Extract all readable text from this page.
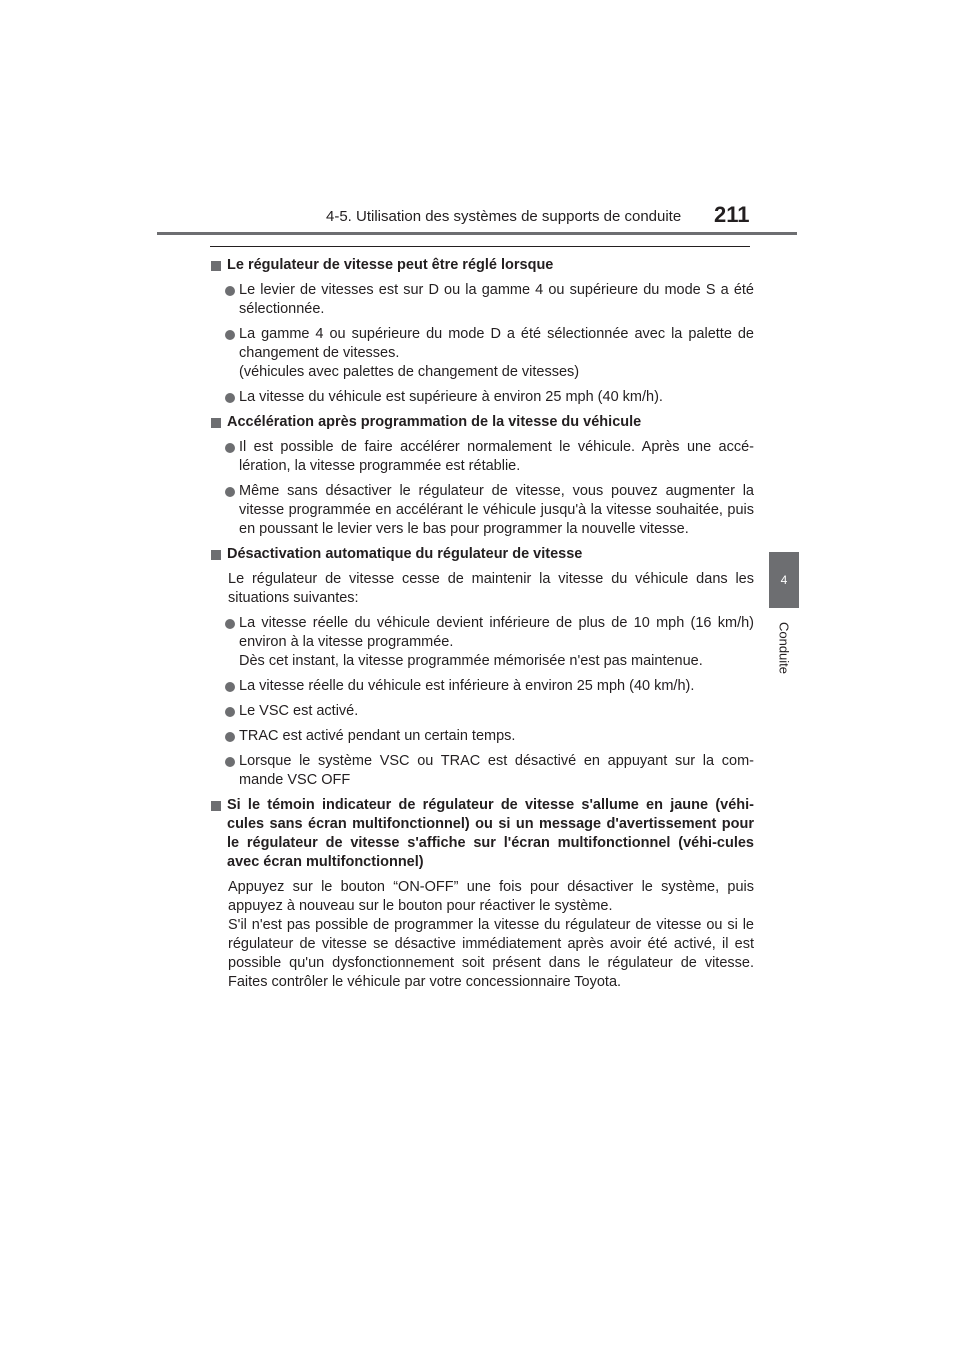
4-5. Utilisation des systèmes de supports de conduite 211
4
Conduite
Le régulateur de vitesse peut être réglé lorsque
Le levier de vitesses est sur D ou la gamme 4 ou supérieure du mode S a été sélectionnée.
La gamme 4 ou supérieure du mode D a été sélectionnée avec la palette de changement de vitesses.
(véhicules avec palettes de changement de vitesses)
La vitesse du véhicule est supérieure à environ 25 mph (40 km/h).
Accélération après programmation de la vitesse du véhicule
Il est possible de faire accélérer normalement le véhicule. Après une accé-lération, la vitesse programmée est rétablie.
Même sans désactiver le régulateur de vitesse, vous pouvez augmenter la vitesse programmée en accélérant le véhicule jusqu'à la vitesse souhaitée, puis en poussant le levier vers le bas pour programmer la nouvelle vitesse.
Désactivation automatique du régulateur de vitesse
Le régulateur de vitesse cesse de maintenir la vitesse du véhicule dans les situations suivantes:
La vitesse réelle du véhicule devient inférieure de plus de 10 mph (16 km/h) environ à la vitesse programmée.
Dès cet instant, la vitesse programmée mémorisée n'est pas maintenue.
La vitesse réelle du véhicule est inférieure à environ 25 mph (40 km/h).
Le VSC est activé.
TRAC est activé pendant un certain temps.
Lorsque le système VSC ou TRAC est désactivé en appuyant sur la com-mande VSC OFF
Si le témoin indicateur de régulateur de vitesse s'allume en jaune (véhi-cules sans écran multifonctionnel) ou si un message d'avertissement pour le régulateur de vitesse s'affiche sur l'écran multifonctionnel (véhi-cules avec écran multifonctionnel)
Appuyez sur le bouton “ON-OFF” une fois pour désactiver le système, puis appuyez à nouveau sur le bouton pour réactiver le système.
S'il n'est pas possible de programmer la vitesse du régulateur de vitesse ou si le régulateur de vitesse se désactive immédiatement après avoir été activé, il est possible qu'un dysfonctionnement soit présent dans le régulateur de vitesse. Faites contrôler le véhicule par votre concessionnaire Toyota.
